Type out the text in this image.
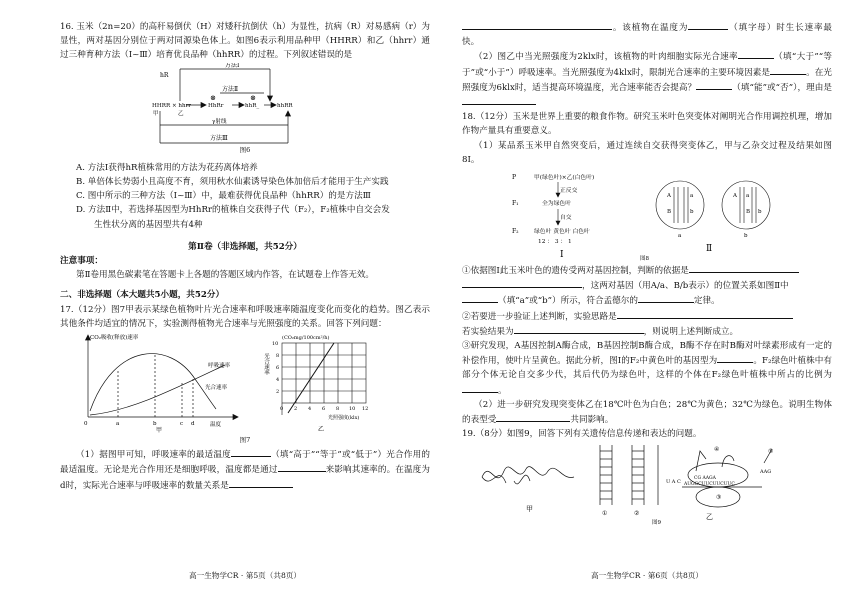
16. 玉米（2n=20）的高秆易倒伏（H）对矮秆抗倒伏（h）为显性，抗病（R）对易感病（r）为显性，两对基因分别位于两对同源染色体上。如图6表示利用品种甲（HHRR）和乙（hhrr）通过三种育种方法（Ⅰ~Ⅲ）培育优良品种（hhRR）的过程。下列叙述错误的是

hR
方法Ⅰ
方法Ⅱ
⊗	⊗
HHRR × hhrr
甲	乙
HhRr	hhR_	hhRR
γ射线
方法Ⅲ

图6

A. 方法Ⅰ获得hR植株常用的方法为花药离体培养

B. 单倍体长势弱小且高度不育，须用秋水仙素诱导染色体加倍后才能用于生产实践

C. 图中所示的三种方法（Ⅰ~Ⅲ）中，最难获得优良品种（hhRR）的是方法Ⅲ

D. 方法Ⅱ中，若选择基因型为HhRr的植株自交获得子代（F₂），F₂植株中自交会发

生性状分离的基因型共有4种

第Ⅱ卷（非选择题，共52分）

注意事项：

第Ⅱ卷用黑色碳素笔在答题卡上各题的答题区域内作答，在试题卷上作答无效。

二、非选择题（本大题共5小题，共52分）

17.（12分）图7甲表示某绿色植物叶片光合速率和呼吸速率随温度变化而变化的趋势。图乙表示其他条件均适宜的情况下，实验测得植物光合速率与光照强度的关系。回答下列问题：

CO₂吸收(释放)速率
呼吸速率
光合速率
温度
0	a	b	c d
甲
(CO₂mg/100cm²/h)
光合速率
2
4
6
8
10
0 2 4 6 8 10 12
光照强度(klx)
乙

图7

（1）据图甲可知，呼吸速率的最适温度	（填“高于”“等于”或“低于”）光合作用的最适温度。无论是光合作用还是细胞呼吸，温度都是通过	来影响其速率的。在温度为d时，实际光合速率与呼吸速率的数量关系是

。该植物在温度为	（填字母）时生长速率最快。

（2）图乙中当光照强度为2klx时，该植物的叶肉细胞实际光合速率	（填“大于”“等于”或“小于”）呼吸速率。当光照强度为4klx时，限制光合速率的主要环境因素是	。在光照强度为6klx时，适当提高环境温度，光合速率能否会提高？	（填“能”或“否”），理由是

18.（12分）玉米是世界上重要的粮食作物。研究玉米叶色突变体对阐明光合作用调控机理，增加作物产量具有重要意义。

（1）某品系玉米甲自然突变后，通过连续自交获得突变体乙，甲与乙杂交过程及结果如图8Ⅰ。

P	甲(绿色叶)×乙(白色叶)
正反交
F₁	全为绿色叶
自交
F₂	绿色叶 黄色叶 白色叶
12 ： 3 ： 1
Ⅰ
A	a
B	b
A a
B b
a	b
Ⅱ
图8

①依据图Ⅰ此玉米叶色的遗传受两对基因控制，判断的依据是

，这两对基因（用A/a、B/b表示）的位置关系如图Ⅱ中

（填“a”或“b”）所示，符合孟德尔的	定律。

②若要进一步验证上述判断，实验思路是

若实验结果为	，则说明上述判断成立。

③研究发现，A基因控制A酶合成，B基因控制B酶合成，B酶不存在时B酶对叶绿素形成有一定的补偿作用，使叶片呈黄色。据此分析，图Ⅰ的F₂中黄色叶的基因型为	。F₂绿色叶植株中有部分个体无论自交多少代，其后代仍为绿色叶，这样的个体在F₂绿色叶植株中所占的比例为。

（2）进一步研究发现突变体乙在18℃叶色为白色；28℃为黄色；32℃为绿色。说明生物体的表型受	共同影响。

19.（8分）如图9，回答下列有关遗传信息传递和表达的问题。

甲
①	②
U A C
CG AAGA
AUGGCUUCUUCUUC
③
④	⑤
AAG
乙
图9
高一生物学CR · 第5页（共8页）	高一生物学CR · 第6页（共8页）
